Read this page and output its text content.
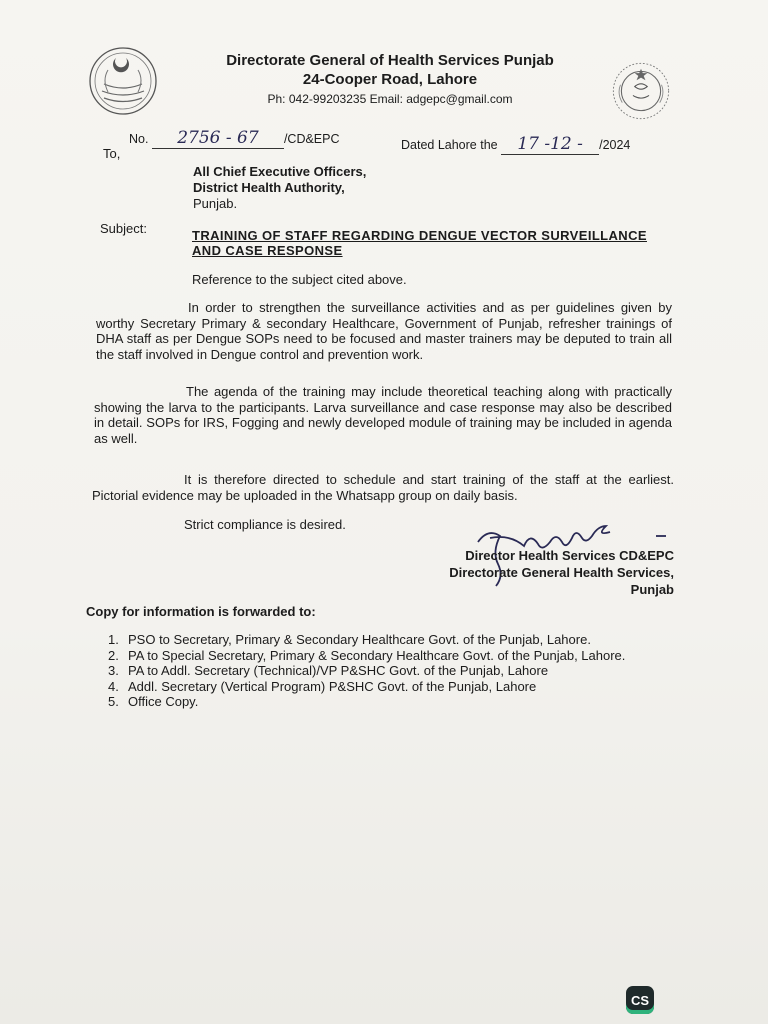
Directorate General of Health Services Punjab
24-Cooper Road, Lahore
Ph: 042-99203235 Email: adgepc@gmail.com
No. 2756 - 67 /CD&EPC	Dated Lahore the 17 -12 - /2024
To,
All Chief Executive Officers,
District Health Authority,
Punjab.
Subject:	TRAINING OF STAFF REGARDING DENGUE VECTOR SURVEILLANCE AND CASE RESPONSE
Reference to the subject cited above.
In order to strengthen the surveillance activities and as per guidelines given by worthy Secretary Primary & secondary Healthcare, Government of Punjab, refresher trainings of DHA staff as per Dengue SOPs need to be focused and master trainers may be deputed to train all the staff involved in Dengue control and prevention work.
The agenda of the training may include theoretical teaching along with practically showing the larva to the participants. Larva surveillance and case response may also be described in detail. SOPs for IRS, Fogging and newly developed module of training may be included in agenda as well.
It is therefore directed to schedule and start training of the staff at the earliest. Pictorial evidence may be uploaded in the Whatsapp group on daily basis.
Strict compliance is desired.
Director Health Services CD&EPC
Directorate General Health Services,
Punjab
Copy for information is forwarded to:
1. PSO to Secretary, Primary & Secondary Healthcare Govt. of the Punjab, Lahore.
2. PA to Special Secretary, Primary & Secondary Healthcare Govt. of the Punjab, Lahore.
3. PA to Addl. Secretary (Technical)/VP P&SHC Govt. of the Punjab, Lahore
4. Addl. Secretary (Vertical Program) P&SHC Govt. of the Punjab, Lahore
5. Office Copy.
CS
